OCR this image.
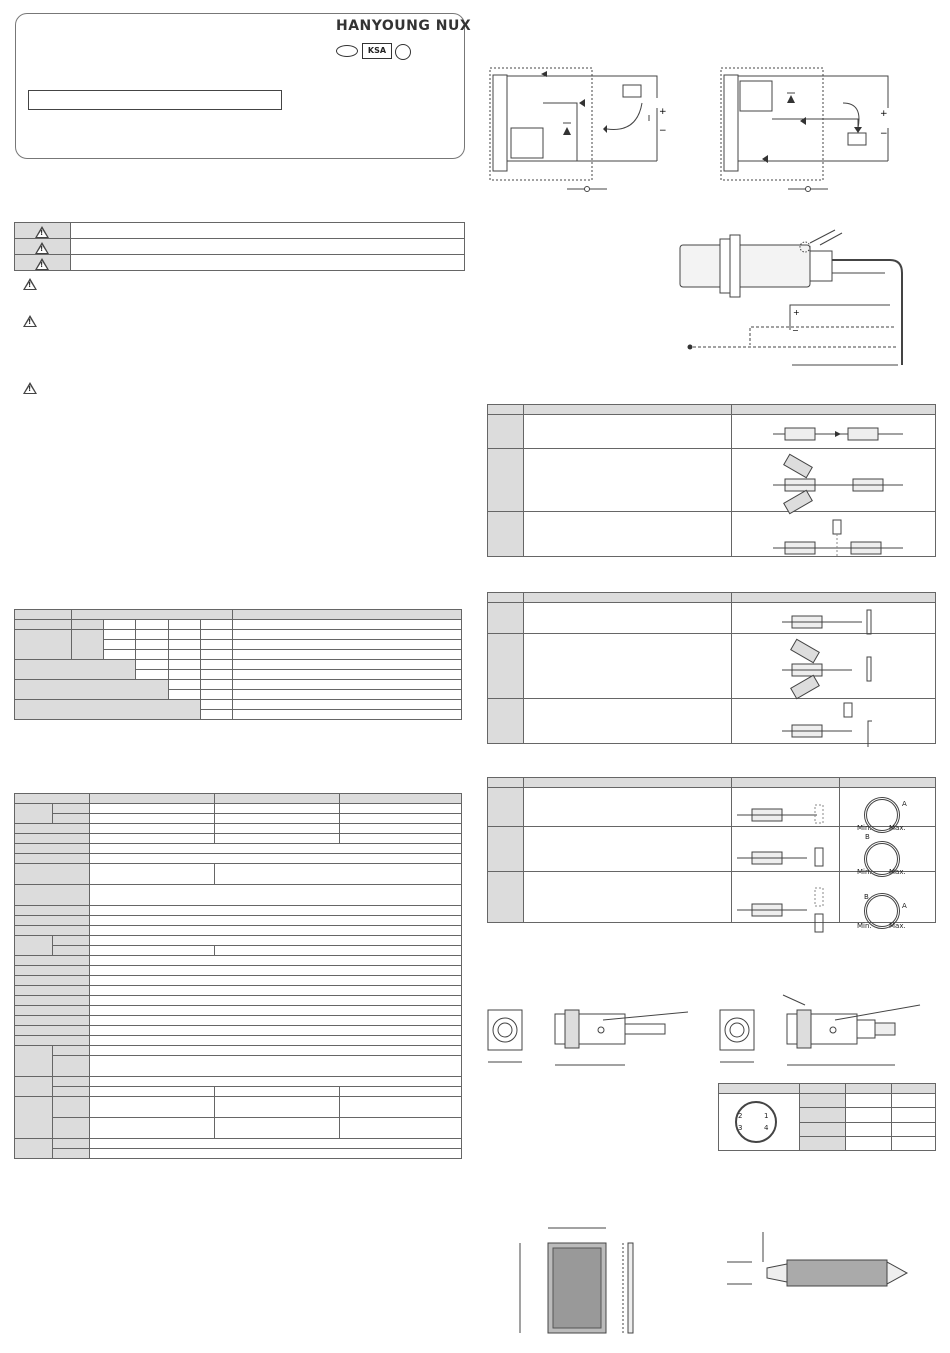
HANYOUNG NUX
KSA
!

!

!

!
!
!

+
−
+
−
+
−

Min. Max.
A
Min. Max.
B
Min. Max.
B
A

1
2
3	4
